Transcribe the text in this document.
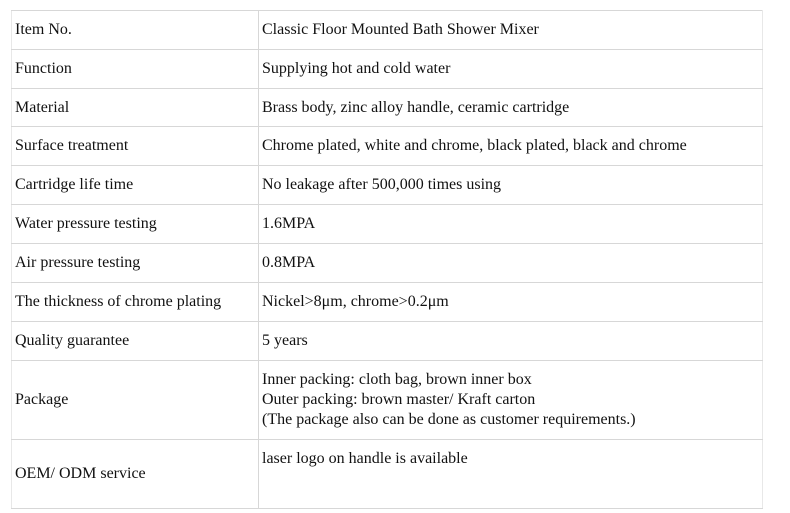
Item No.	Classic Floor Mounted Bath Shower Mixer
Function	Supplying hot and cold water
Material	Brass body, zinc alloy handle, ceramic cartridge
Surface treatment	Chrome plated, white and chrome, black plated, black and chrome
Cartridge life time	No leakage after 500,000 times using
Water pressure testing	1.6MPA
Air pressure testing	0.8MPA
The thickness of chrome plating	Nickel>8μm, chrome>0.2μm
Quality guarantee	5 years
Package	Inner packing: cloth bag, brown inner box
Outer packing: brown master/ Kraft carton
(The package also can be done as customer requirements.)

OEM/ ODM service	laser logo on handle is available
